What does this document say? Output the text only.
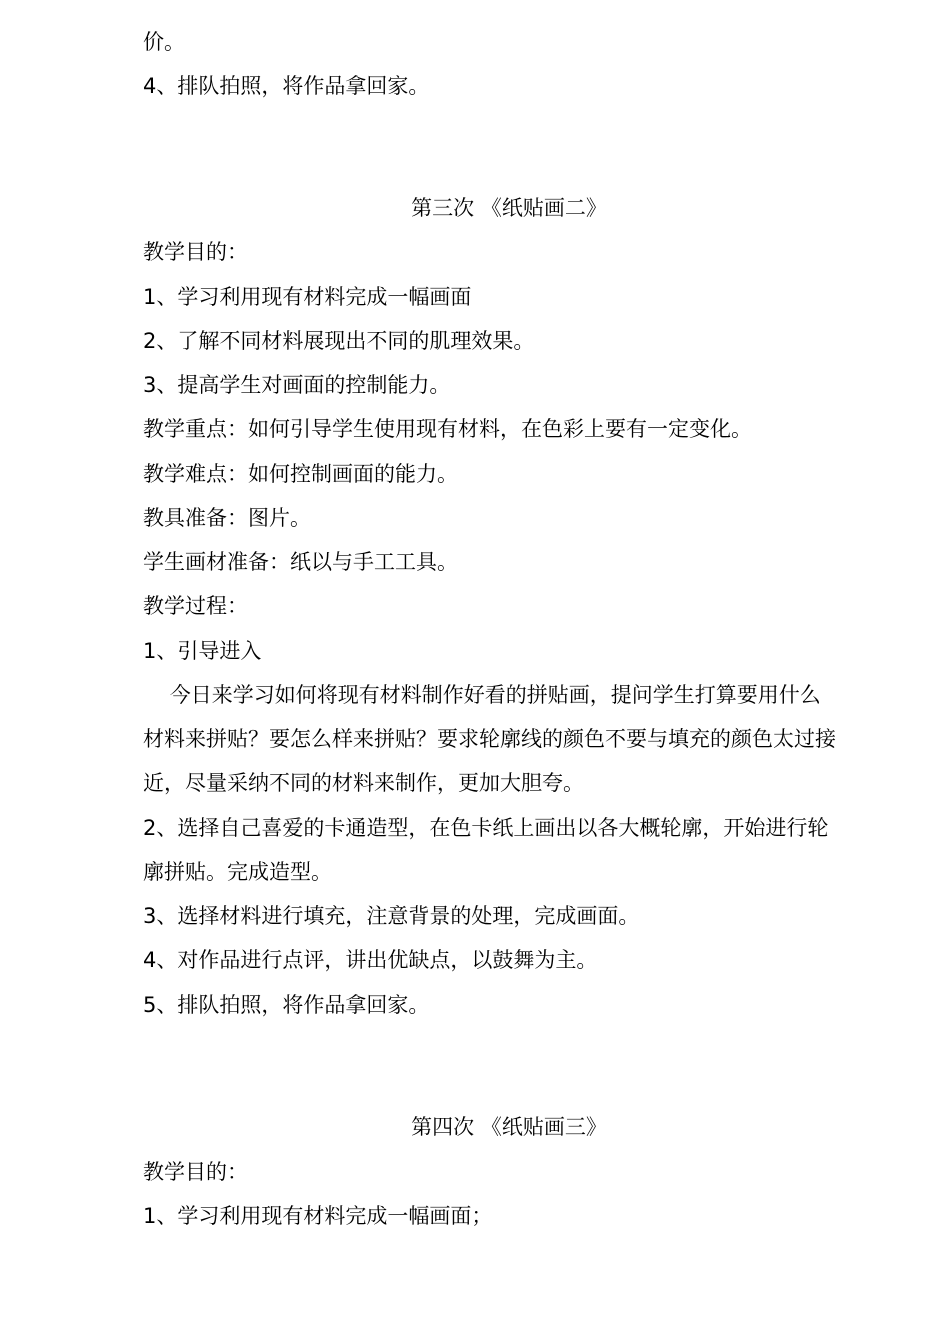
价。
4、排队拍照，将作品拿回家。
第三次 《纸贴画二》
教学目的：
1、学习利用现有材料完成一幅画面
2、了解不同材料展现出不同的肌理效果。
3、提高学生对画面的控制能力。
教学重点：如何引导学生使用现有材料，在色彩上要有一定变化。
教学难点：如何控制画面的能力。
教具准备：图片。
学生画材准备：纸以与手工工具。
教学过程：
1、引导进入
今日来学习如何将现有材料制作好看的拼贴画，提问学生打算要用什么
材料来拼贴？要怎么样来拼贴？要求轮廓线的颜色不要与填充的颜色太过接
近，尽量采纳不同的材料来制作，更加大胆夸。
2、选择自己喜爱的卡通造型，在色卡纸上画出以各大概轮廓，开始进行轮
廓拼贴。完成造型。
3、选择材料进行填充，注意背景的处理，完成画面。
4、对作品进行点评，讲出优缺点，以鼓舞为主。
5、排队拍照，将作品拿回家。
第四次 《纸贴画三》
教学目的：
1、学习利用现有材料完成一幅画面；
